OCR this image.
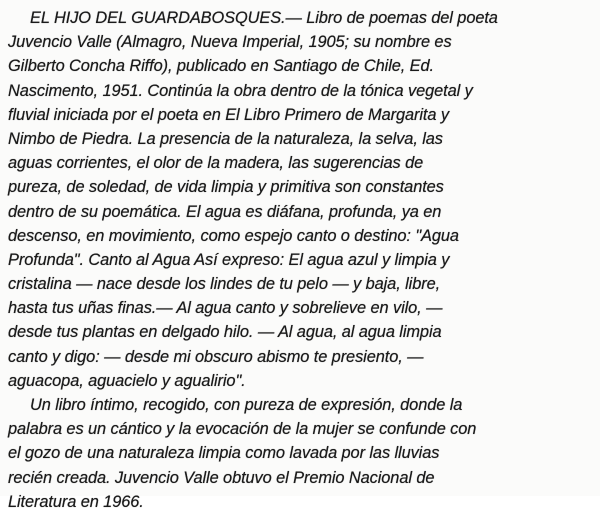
EL HIJO DEL GUARDABOSQUES.— Libro de poemas del poeta
Juvencio Valle (Almagro, Nueva Imperial, 1905; su nombre es
Gilberto Concha Riffo), publicado en Santiago de Chile, Ed.
Nascimento, 1951. Continúa la obra dentro de la tónica vegetal y
fluvial iniciada por el poeta en El Libro Primero de Margarita y
Nimbo de Piedra. La presencia de la naturaleza, la selva, las
aguas corrientes, el olor de la madera, las sugerencias de
pureza, de soledad, de vida limpia y primitiva son constantes
dentro de su poemática. El agua es diáfana, profunda, ya en
descenso, en movimiento, como espejo canto o destino: "Agua
Profunda". Canto al Agua Así expreso: El agua azul y limpia y
cristalina — nace desde los lindes de tu pelo — y baja, libre,
hasta tus uñas finas.— Al agua canto y sobrelieve en vilo, —
desde tus plantas en delgado hilo. — Al agua, al agua limpia
canto y digo: — desde mi obscuro abismo te presiento, —
aguacopa, aguacielo y agualirio".
Un libro íntimo, recogido, con pureza de expresión, donde la
palabra es un cántico y la evocación de la mujer se confunde con
el gozo de una naturaleza limpia como lavada por las lluvias
recién creada. Juvencio Valle obtuvo el Premio Nacional de
Literatura en 1966.
